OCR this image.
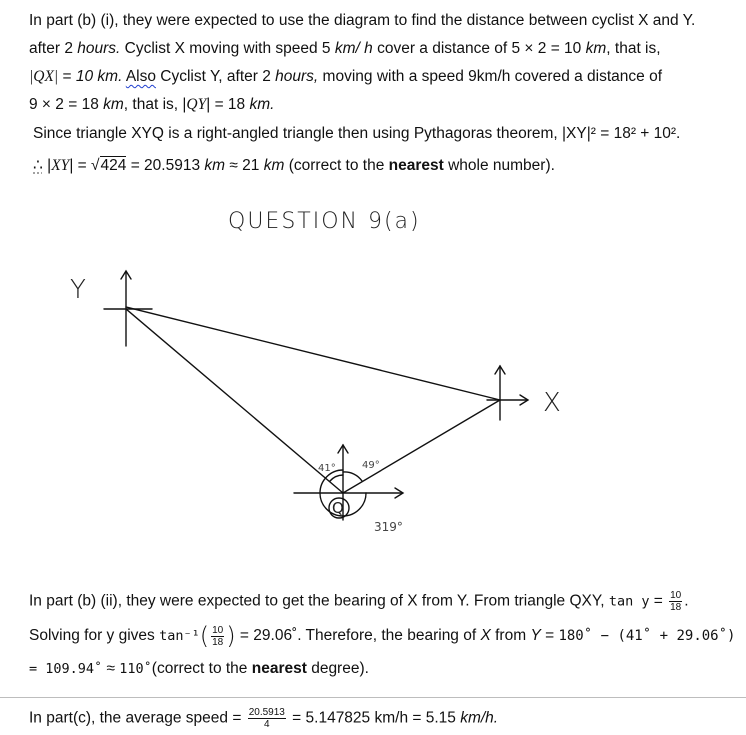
In part (b) (i), they were expected to use the diagram to find the distance between cyclist X and Y.
after 2 hours. Cyclist X moving with speed 5 km/ h cover a distance of 5 × 2 = 10 km, that is,
|QX| = 10 km. Also Cyclist Y, after 2 hours, moving with a speed 9km/h covered a distance of
9 × 2 = 18 km, that is, |QY| = 18 km.
Since triangle XYQ is a right-angled triangle then using Pythagoras theorem, |XY|² = 18² + 10².
∴ |XY| = √424 = 20.5913 km ≈ 21 km (correct to the nearest whole number).
QUESTION 9(a)
Y
X
Q
41°	49°
319°
In part (b) (ii), they were expected to get the bearing of X from Y. From triangle QXY, $\tan y = \frac{10}{18}$ .
Solving for y gives $\tan^{-1}( \frac{10}{18}$ ) = 29.06˚. Therefore, the bearing of X from Y = 180˚ − (41˚ + 29.06˚)
= 109.94˚ ≈ 110˚(correct to the nearest degree).
In part(c), the average speed = $\frac{20.5913}{4} = 5.147825$ km/h = 5.15 km/h.
